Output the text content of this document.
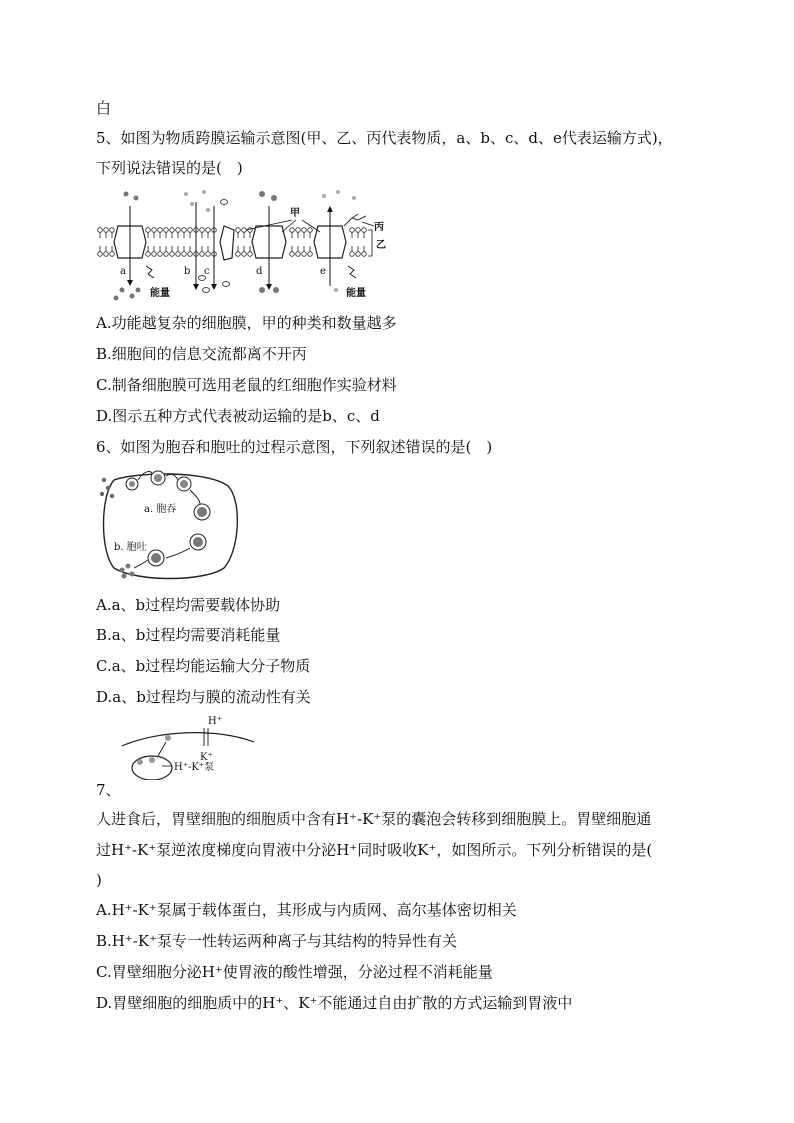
白
5、如图为物质跨膜运输示意图(甲、乙、丙代表物质，a、b、c、d、e代表运输方式)，
下列说法错误的是(　)
a	b c	d	e
甲
丙
乙
能量	能量
A.功能越复杂的细胞膜，甲的种类和数量越多
B.细胞间的信息交流都离不开丙
C.制备细胞膜可选用老鼠的红细胞作实验材料
D.图示五种方式代表被动运输的是b、c、d
6、如图为胞吞和胞吐的过程示意图，下列叙述错误的是(　)
a. 胞吞
b. 胞吐
A.a、b过程均需要载体协助
B.a、b过程均需要消耗能量
C.a、b过程均能运输大分子物质
D.a、b过程均与膜的流动性有关
H⁺
K⁺
H⁺-K⁺泵
7、
人进食后，胃壁细胞的细胞质中含有H⁺-K⁺泵的囊泡会转移到细胞膜上。胃壁细胞通
过H⁺-K⁺泵逆浓度梯度向胃液中分泌H⁺同时吸收K⁺，如图所示。下列分析错误的是(
)
A.H⁺-K⁺泵属于载体蛋白，其形成与内质网、高尔基体密切相关
B.H⁺-K⁺泵专一性转运两种离子与其结构的特异性有关
C.胃壁细胞分泌H⁺使胃液的酸性增强，分泌过程不消耗能量
D.胃壁细胞的细胞质中的H⁺、K⁺不能通过自由扩散的方式运输到胃液中
